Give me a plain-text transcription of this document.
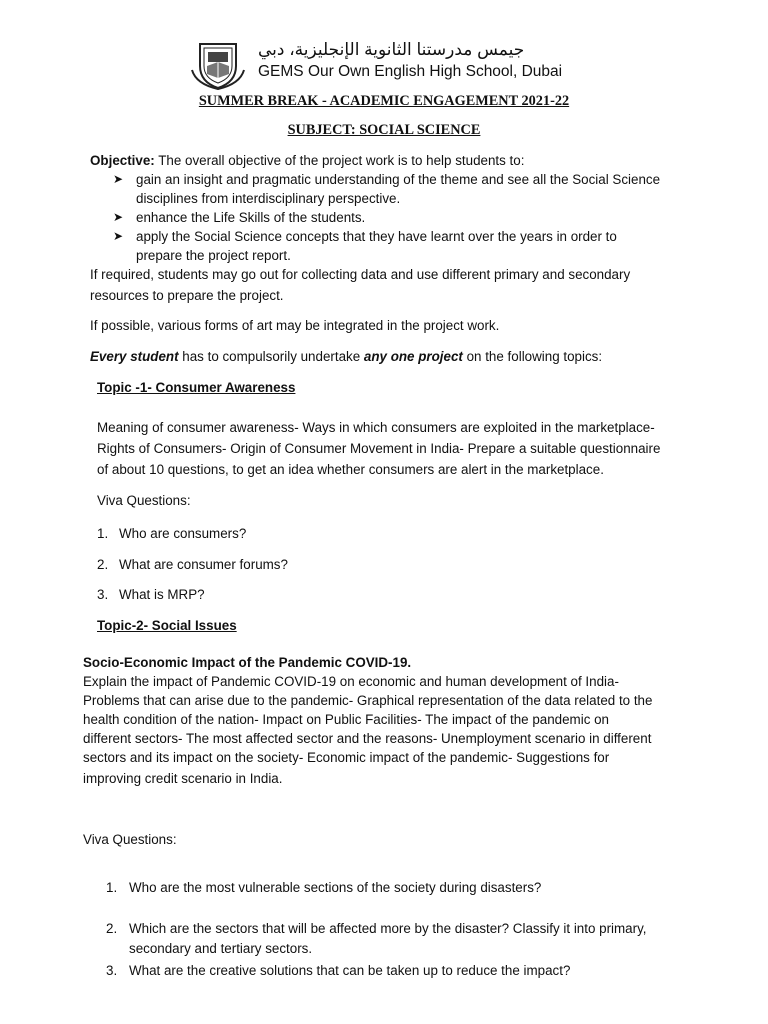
جيمس مدرستنا الثانوية الإنجليزية، دبي
GEMS Our Own English High School, Dubai
SUMMER BREAK - ACADEMIC ENGAGEMENT 2021-22
SUBJECT: SOCIAL SCIENCE
Objective: The overall objective of the project work is to help students to:
➤ gain an insight and pragmatic understanding of the theme and see all the Social Science
disciplines from interdisciplinary perspective.
➤ enhance the Life Skills of the students.
➤ apply the Social Science concepts that they have learnt over the years in order to
prepare the project report.
If required, students may go out for collecting data and use different primary and secondary
resources to prepare the project.
If possible, various forms of art may be integrated in the project work.
Every student has to compulsorily undertake any one project on the following topics:
Topic -1- Consumer Awareness
Meaning of consumer awareness- Ways in which consumers are exploited in the marketplace-
Rights of Consumers- Origin of Consumer Movement in India- Prepare a suitable questionnaire
of about 10 questions, to get an idea whether consumers are alert in the marketplace.
Viva Questions:
1. Who are consumers?
2. What are consumer forums?
3. What is MRP?
Topic-2- Social Issues
Socio-Economic Impact of the Pandemic COVID-19.
Explain the impact of Pandemic COVID-19 on economic and human development of India-
Problems that can arise due to the pandemic- Graphical representation of the data related to the
health condition of the nation- Impact on Public Facilities- The impact of the pandemic on
different sectors- The most affected sector and the reasons- Unemployment scenario in different
sectors and its impact on the society- Economic impact of the pandemic- Suggestions for
improving credit scenario in India.
Viva Questions:
1. Who are the most vulnerable sections of the society during disasters?
2. Which are the sectors that will be affected more by the disaster? Classify it into primary,
secondary and tertiary sectors.
3. What are the creative solutions that can be taken up to reduce the impact?
